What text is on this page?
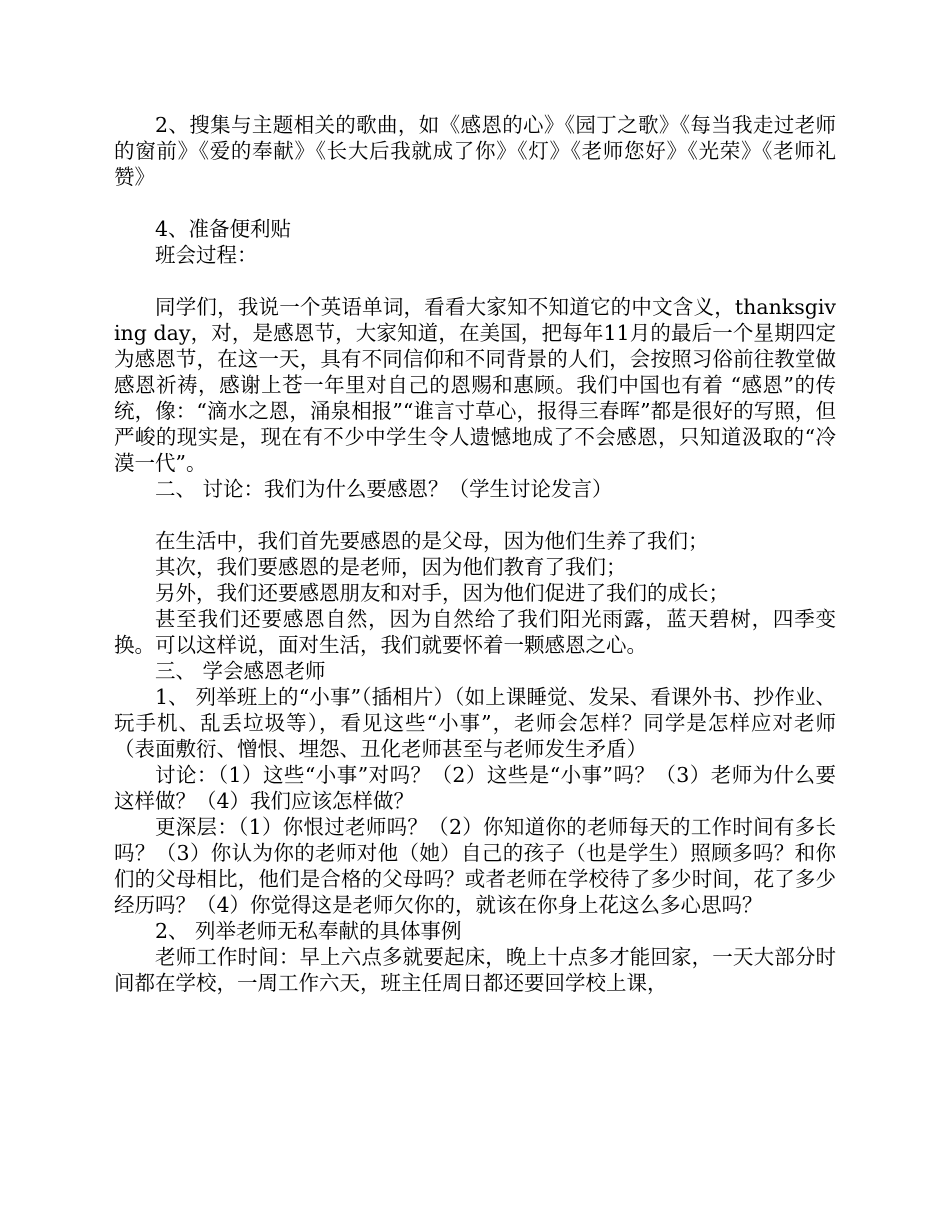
2、搜集与主题相关的歌曲，如《感恩的心》《园丁之歌》《每当我走过老师的窗前》《爱的奉献》《长大后我就成了你》《灯》《老师您好》《光荣》《老师礼赞》

4、准备便利贴

班会过程：

同学们，我说一个英语单词，看看大家知不知道它的中文含义，thanksgiving day，对，是感恩节，大家知道，在美国，把每年11月的最后一个星期四定为感恩节，在这一天，具有不同信仰和不同背景的人们，会按照习俗前往教堂做感恩祈祷，感谢上苍一年里对自己的恩赐和惠顾。我们中国也有着 “感恩”的传统，像：“滴水之恩，涌泉相报”“谁言寸草心，报得三春晖”都是很好的写照，但严峻的现实是，现在有不少中学生令人遗憾地成了不会感恩，只知道汲取的“冷漠一代”。

二、 讨论：我们为什么要感恩？（学生讨论发言）

在生活中，我们首先要感恩的是父母，因为他们生养了我们；

其次，我们要感恩的是老师，因为他们教育了我们；

另外，我们还要感恩朋友和对手，因为他们促进了我们的成长；

甚至我们还要感恩自然，因为自然给了我们阳光雨露，蓝天碧树，四季变换。可以这样说，面对生活，我们就要怀着一颗感恩之心。

三、 学会感恩老师

1、 列举班上的“小事”（插相片）（如上课睡觉、发呆、看课外书、抄作业、玩手机、乱丢垃圾等），看见这些“小事”，老师会怎样？同学是怎样应对老师（表面敷衍、憎恨、埋怨、丑化老师甚至与老师发生矛盾）

讨论：（1）这些“小事”对吗？（2）这些是“小事”吗？（3）老师为什么要这样做？（4）我们应该怎样做？

更深层：（1）你恨过老师吗？（2）你知道你的老师每天的工作时间有多长吗？（3）你认为你的老师对他（她）自己的孩子（也是学生）照顾多吗？和你们的父母相比，他们是合格的父母吗？或者老师在学校待了多少时间，花了多少经历吗？（4）你觉得这是老师欠你的，就该在你身上花这么多心思吗？

2、 列举老师无私奉献的具体事例

老师工作时间：早上六点多就要起床，晚上十点多才能回家，一天大部分时间都在学校，一周工作六天，班主任周日都还要回学校上课，
